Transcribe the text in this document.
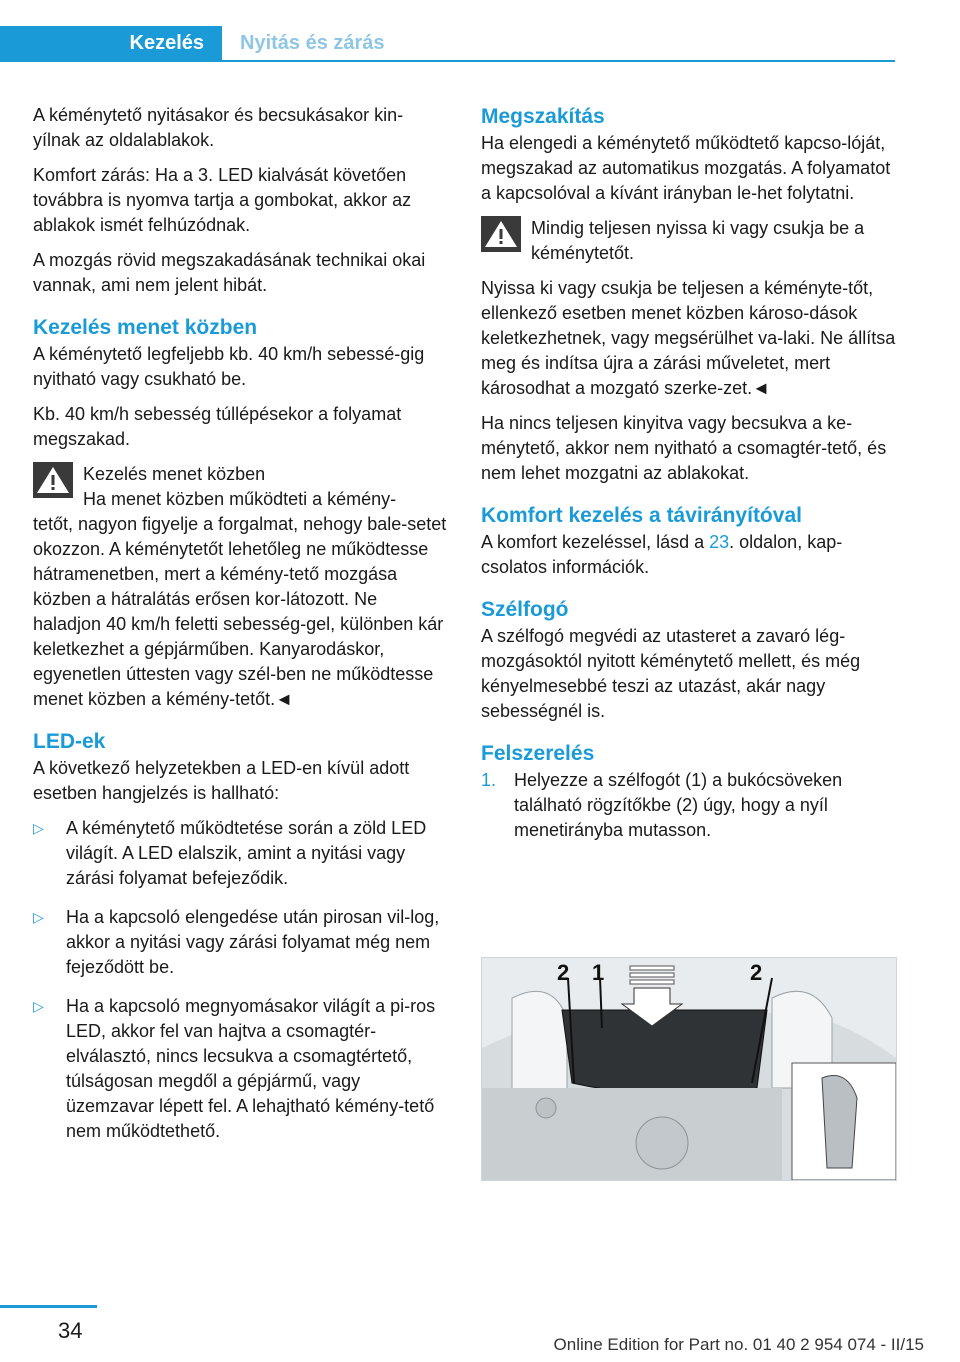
Kezelés Nyitás és zárás

A kéménytető nyitásakor és becsukásakor kin-yílnak az oldalablakok.

Komfort zárás: Ha a 3. LED kialvását követően továbbra is nyomva tartja a gombokat, akkor az ablakok ismét felhúzódnak.

A mozgás rövid megszakadásának technikai okai vannak, ami nem jelent hibát.

Kezelés menet közben

A kéménytető legfeljebb kb. 40 km/h sebessé-gig nyitható vagy csukható be.

Kb. 40 km/h sebesség túllépésekor a folyamat megszakad.

Kezelés menet közben

Ha menet közben működteti a kémény-

tetőt, nagyon figyelje a forgalmat, nehogy bale-setet okozzon. A kéménytetőt lehetőleg ne működtesse hátramenetben, mert a kémény-tető mozgása közben a hátralátás erősen kor-látozott. Ne haladjon 40 km/h feletti sebesség-gel, különben kár keletkezhet a gépjárműben. Kanyarodáskor, egyenetlen úttesten vagy szél-ben ne működtesse menet közben a kémény-tetőt.◄

LED-ek

A következő helyzetekben a LED-en kívül adott esetben hangjelzés is hallható:

▷ A kéménytető működtetése során a zöld LED világít. A LED elalszik, amint a nyitási vagy zárási folyamat befejeződik.
▷ Ha a kapcsoló elengedése után pirosan vil-log, akkor a nyitási vagy zárási folyamat még nem fejeződött be.
▷ Ha a kapcsoló megnyomásakor világít a pi-ros LED, akkor fel van hajtva a csomagtér-elválasztó, nincs lecsukva a csomagtértető, túlságosan megdől a gépjármű, vagy üzemzavar lépett fel. A lehajtható kémény-tető nem működtethető.
Megszakítás

Ha elengedi a kéménytető működtető kapcso-lóját, megszakad az automatikus mozgatás. A folyamatot a kapcsolóval a kívánt irányban le-het folytatni.

Mindig teljesen nyissa ki vagy csukja be a kéménytetőt.

Nyissa ki vagy csukja be teljesen a kéményte-tőt, ellenkező esetben menet közben károso-dások keletkezhetnek, vagy megsérülhet va-laki. Ne állítsa meg és indítsa újra a zárási műveletet, mert károsodhat a mozgató szerke-zet.◄

Ha nincs teljesen kinyitva vagy becsukva a ke-ménytető, akkor nem nyitható a csomagtér-tető, és nem lehet mozgatni az ablakokat.

Komfort kezelés a távirányítóval

A komfort kezeléssel, lásd a 23. oldalon, kap-csolatos információk.

Szélfogó

A szélfogó megvédi az utasteret a zavaró lég-mozgásoktól nyitott kéménytető mellett, és még kényelmesebbé teszi az utazást, akár nagy sebességnél is.

Felszerelés
1. Helyezze a szélfogót (1) a bukócsöveken található rögzítőkbe (2) úgy, hogy a nyíl menetirányba mutasson.
2 1	2
34
Online Edition for Part no. 01 40 2 954 074 - II/15
